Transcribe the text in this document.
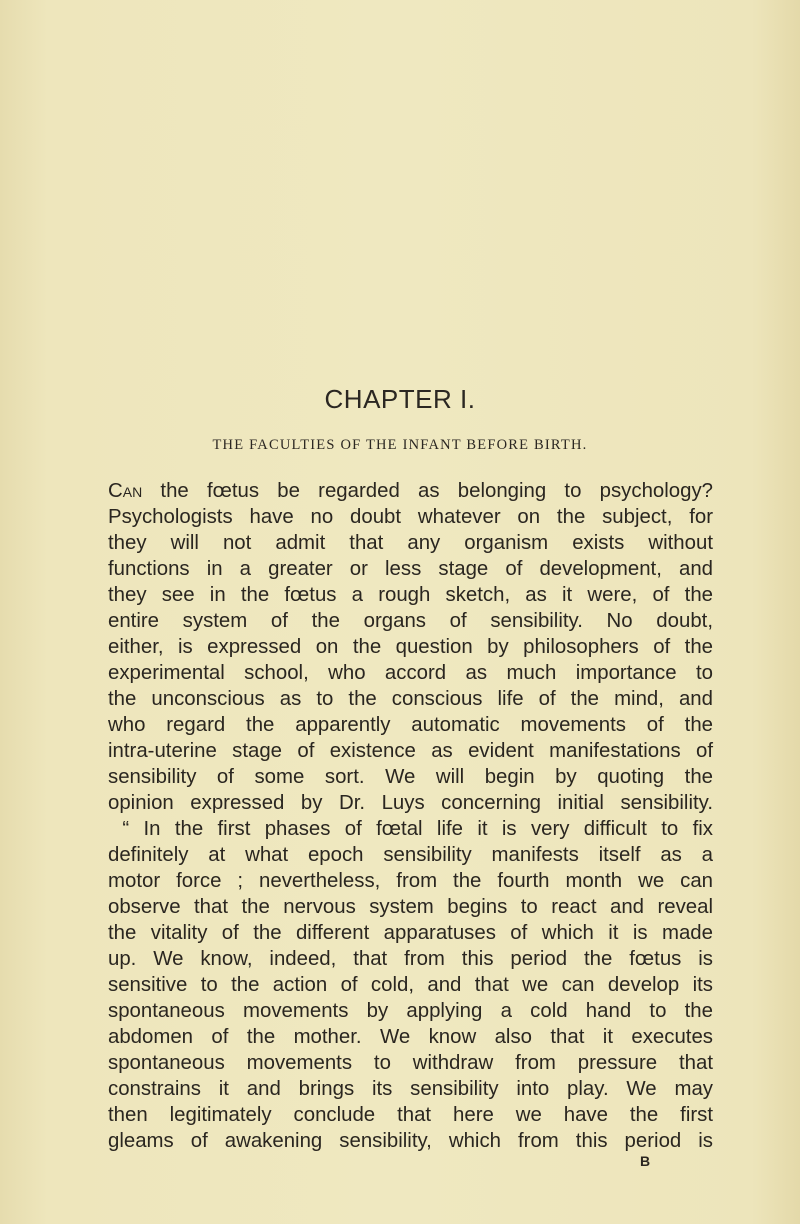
CHAPTER I.
THE FACULTIES OF THE INFANT BEFORE BIRTH.
Can the fœtus be regarded as belonging to psychology?
Psychologists have no doubt whatever on the subject, for
they will not admit that any organism exists without
functions in a greater or less stage of development, and
they see in the fœtus a rough sketch, as it were, of the
entire system of the organs of sensibility. No doubt,
either, is expressed on the question by philosophers of the
experimental school, who accord as much importance to
the unconscious as to the conscious life of the mind, and
who regard the apparently automatic movements of the
intra-uterine stage of existence as evident manifestations of
sensibility of some sort. We will begin by quoting the
opinion expressed by Dr. Luys concerning initial sensibility.
“ In the first phases of fœtal life it is very difficult to fix
definitely at what epoch sensibility manifests itself as a
motor force ; nevertheless, from the fourth month we can
observe that the nervous system begins to react and reveal
the vitality of the different apparatuses of which it is made
up. We know, indeed, that from this period the fœtus is
sensitive to the action of cold, and that we can develop its
spontaneous movements by applying a cold hand to the
abdomen of the mother. We know also that it executes
spontaneous movements to withdraw from pressure that
constrains it and brings its sensibility into play. We may
then legitimately conclude that here we have the first
gleams of awakening sensibility, which from this period is
B
